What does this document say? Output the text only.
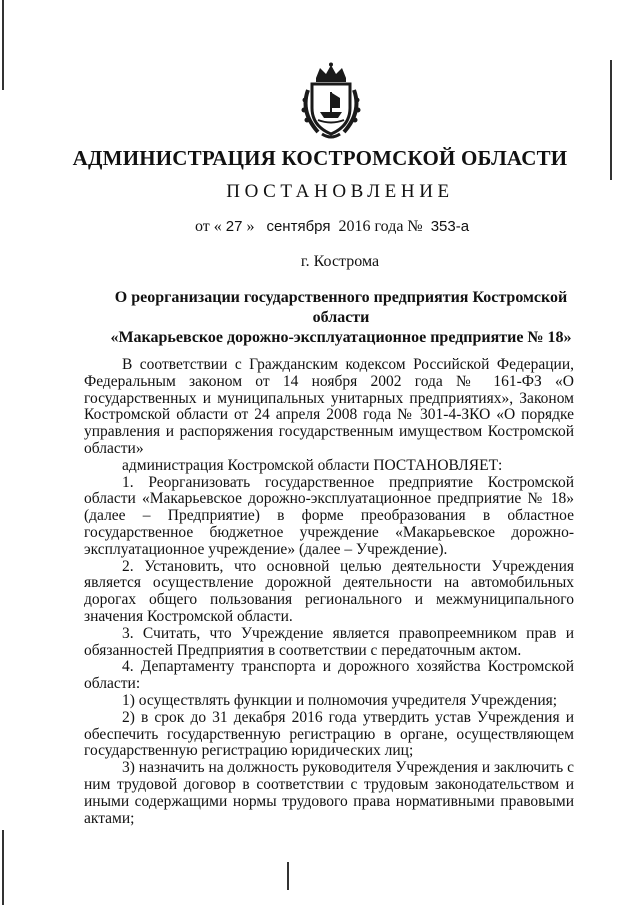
АДМИНИСТРАЦИЯ КОСТРОМСКОЙ ОБЛАСТИ
ПОСТАНОВЛЕНИЕ
от « 27 » сентября 2016 года № 353-а
г. Кострома
О реорганизации государственного предприятия Костромской области
«Макарьевское дорожно-эксплуатационное предприятие № 18»

В соответствии с Гражданским кодексом Российской Федерации, Федеральным законом от 14 ноября 2002 года № 161-ФЗ «О государственных и муниципальных унитарных предприятиях», Законом Костромской области от 24 апреля 2008 года № 301-4-ЗКО «О порядке управления и распоряжения государственным имуществом Костромской области»

администрация Костромской области ПОСТАНОВЛЯЕТ:

1. Реорганизовать государственное предприятие Костромской области «Макарьевское дорожно-эксплуатационное предприятие № 18» (далее – Предприятие) в форме преобразования в областное государственное бюджетное учреждение «Макарьевское дорожно-эксплуатационное учреждение» (далее – Учреждение).

2. Установить, что основной целью деятельности Учреждения является осуществление дорожной деятельности на автомобильных дорогах общего пользования регионального и межмуниципального значения Костромской области.

3. Считать, что Учреждение является правопреемником прав и обязанностей Предприятия в соответствии с передаточным актом.

4. Департаменту транспорта и дорожного хозяйства Костромской области:

1) осуществлять функции и полномочия учредителя Учреждения;

2) в срок до 31 декабря 2016 года утвердить устав Учреждения и обеспечить государственную регистрацию в органе, осуществляющем государственную регистрацию юридических лиц;

3) назначить на должность руководителя Учреждения и заключить с ним трудовой договор в соответствии с трудовым законодательством и иными содержащими нормы трудового права нормативными правовыми актами;
